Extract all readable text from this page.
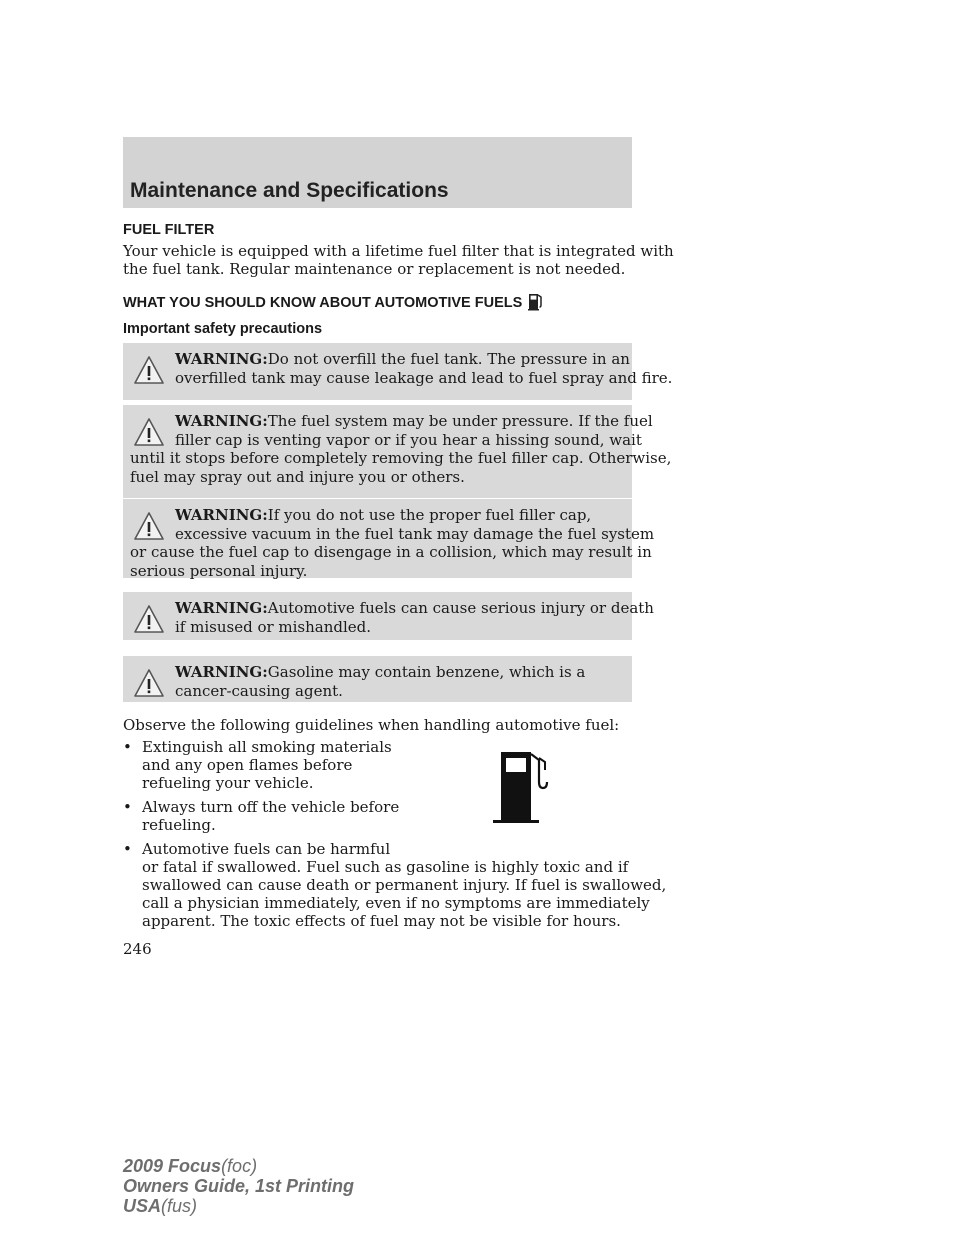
Maintenance and Specifications
FUEL FILTER
Your vehicle is equipped with a lifetime fuel filter that is integrated with
the fuel tank. Regular maintenance or replacement is not needed.
WHAT YOU SHOULD KNOW ABOUT AUTOMOTIVE FUELS
Important safety precautions
WARNING:Do not overfill the fuel tank. The pressure in an
overfilled tank may cause leakage and lead to fuel spray and fire.
WARNING:The fuel system may be under pressure. If the fuel
filler cap is venting vapor or if you hear a hissing sound, wait
until it stops before completely removing the fuel filler cap. Otherwise,
fuel may spray out and injure you or others.
WARNING:If you do not use the proper fuel filler cap,
excessive vacuum in the fuel tank may damage the fuel system
or cause the fuel cap to disengage in a collision, which may result in
serious personal injury.
WARNING:Automotive fuels can cause serious injury or death
if misused or mishandled.
WARNING:Gasoline may contain benzene, which is a
cancer-causing agent.
Observe the following guidelines when handling automotive fuel:
• Extinguish all smoking materials
and any open flames before
refueling your vehicle.
• Always turn off the vehicle before
refueling.
• Automotive fuels can be harmful
or fatal if swallowed. Fuel such as gasoline is highly toxic and if
swallowed can cause death or permanent injury. If fuel is swallowed,
call a physician immediately, even if no symptoms are immediately
apparent. The toxic effects of fuel may not be visible for hours.
246
2009 Focus(foc)
Owners Guide, 1st Printing
USA(fus)
